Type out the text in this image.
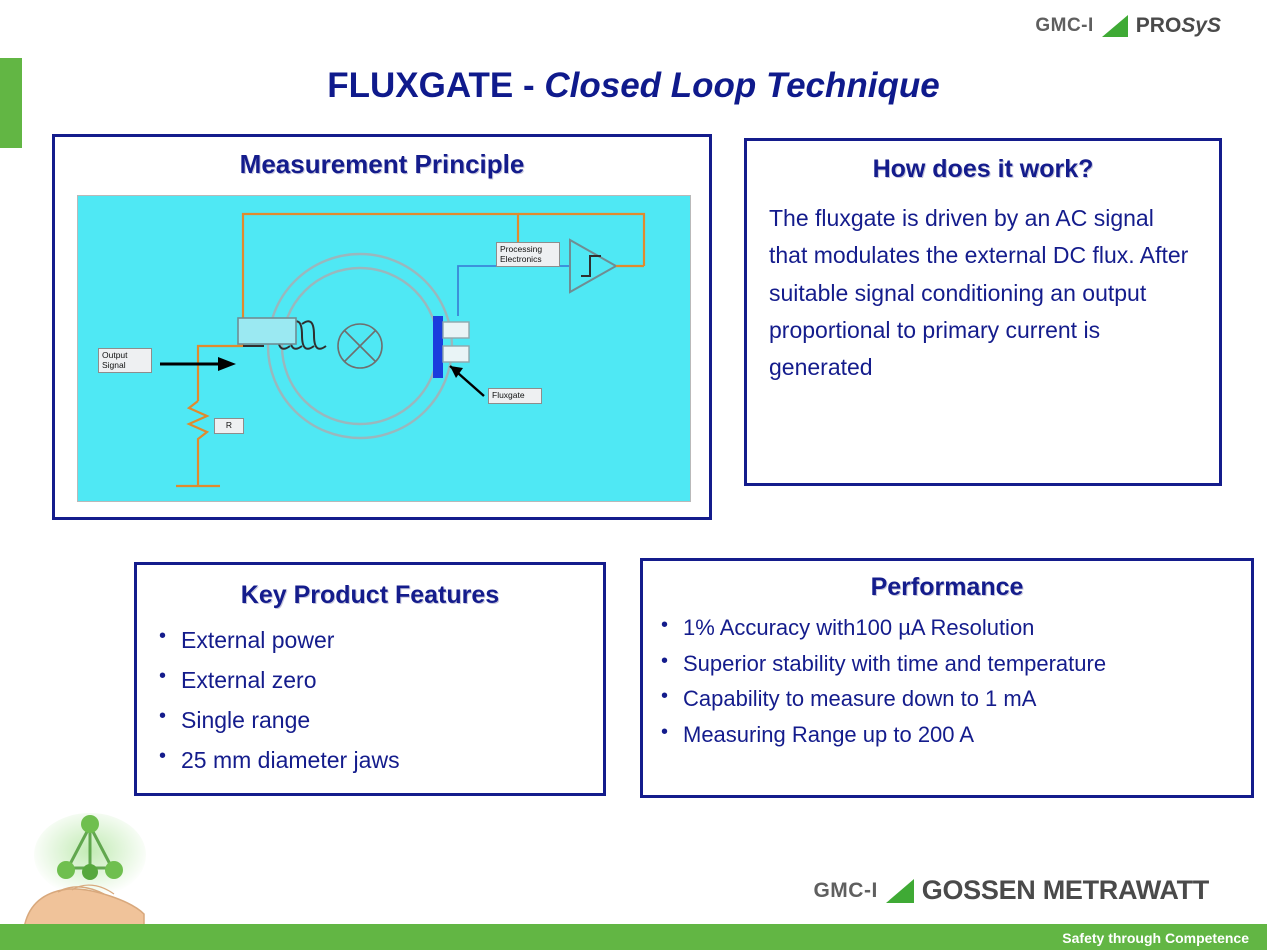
GMC-I PROSyS
FLUXGATE - Closed Loop Technique
Measurement Principle
Processing
Electronics
Output
Signal
Fluxgate
R
How does it work?
The fluxgate is driven by an AC signal that modulates the external DC flux. After suitable signal conditioning an output proportional to primary current is generated
Key Product Features
• External power
• External zero
• Single range
• 25 mm diameter jaws
Performance
• 1% Accuracy with100 µA Resolution
• Superior stability with time and temperature
• Capability to measure down to 1 mA
• Measuring Range up to 200 A
GMC-I GOSSEN METRAWATT
Safety through Competence
